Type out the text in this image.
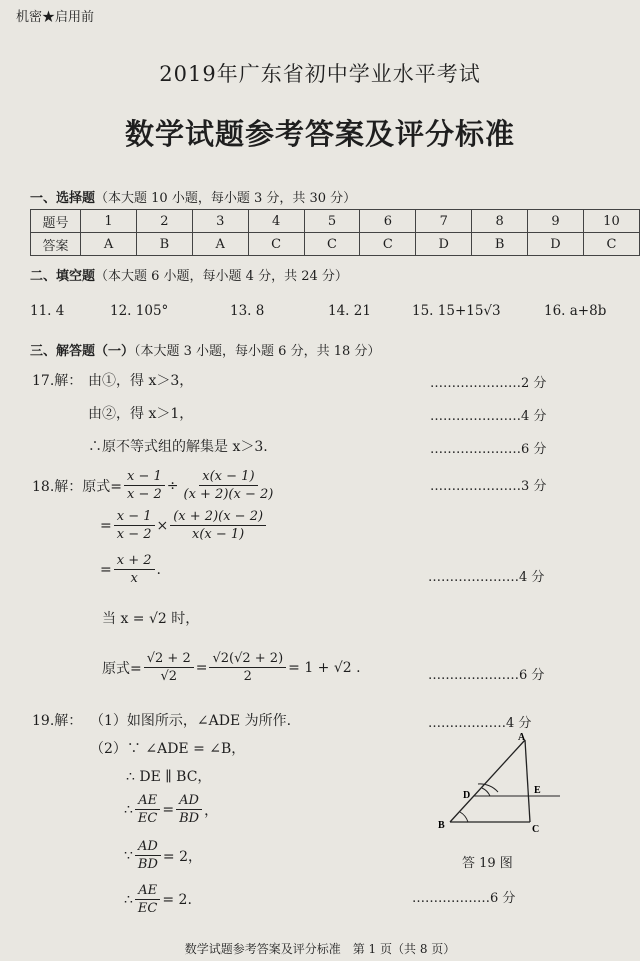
机密★启用前
2019年广东省初中学业水平考试
数学试题参考答案及评分标准
一、选择题（本大题 10 小题，每小题 3 分，共 30 分）
题号	1	2	3	4	5	6	7	8	9	10
答案	A	B	A	C	C	C	D	B	D	C
二、填空题（本大题 6 小题，每小题 4 分，共 24 分）
11. 4	12. 105°	13. 8	14. 21	15. 15+15√3	16. a+8b
三、解答题（一）（本大题 3 小题，每小题 6 分，共 18 分）
17.解： 由①，得 x＞3，	…………………2 分
由②，得 x＞1，	…………………4 分
∴原不等式组的解集是 x＞3.	…………………6 分
18.解： 原式= $\frac{x - 1}{x - 2} \div \frac{x(x - 1)}{(x + 2)(x - 2)}$	…………………3 分
= $\frac{x - 1}{x - 2} \times \frac{(x + 2)(x - 2)}{x(x - 1)}$
= $\frac{x + 2}{x}$ .	…………………4 分
当 x = √2 时，
原式= $\frac{√2 + 2}{√2} = \frac{√2(√2 + 2)}{2} = 1 + √2$ .	…………………6 分
19.解： （1）如图所示，∠ADE 为所作.	………………4 分
（2）∵ ∠ADE = ∠B，
∴ DE ∥ BC，
∴ $\frac{AE}{EC} = \frac{AD}{BD}$ ，
∵ $\frac{AD}{BD} = 2$，
∴ $\frac{AE}{EC} = 2$.	………………6 分
A
B	C
D	E
答 19 图
数学试题参考答案及评分标准　第 1 页（共 8 页）
